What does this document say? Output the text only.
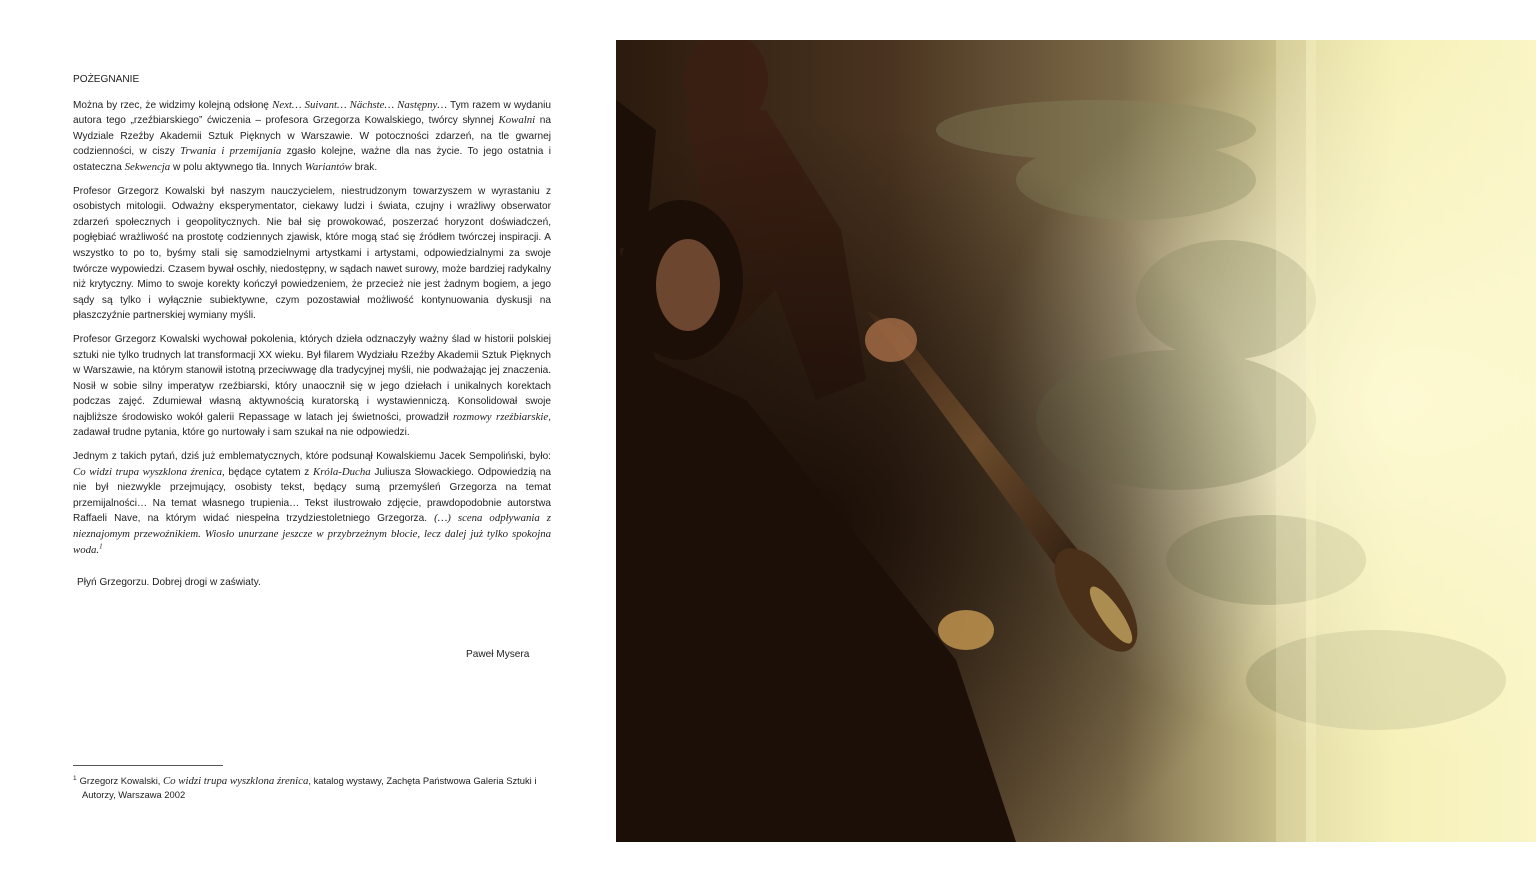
POŻEGNANIE

Można by rzec, że widzimy kolejną odsłonę Next… Suivant… Nächste… Następny… Tym razem w wydaniu autora tego „rzeźbiarskiego” ćwiczenia – profesora Grzegorza Kowalskiego, twórcy słynnej Kowalni na Wydziale Rzeźby Akademii Sztuk Pięknych w Warszawie. W potoczności zdarzeń, na tle gwarnej codzienności, w ciszy Trwania i przemijania zgasło kolejne, ważne dla nas życie. To jego ostatnia i ostateczna Sekwencja w polu aktywnego tła. Innych Wariantów brak.

Profesor Grzegorz Kowalski był naszym nauczycielem, niestrudzonym towarzyszem w wyrastaniu z osobistych mitologii. Odważny eksperymentator, ciekawy ludzi i świata, czujny i wrażliwy obserwator zdarzeń społecznych i geopolitycznych. Nie bał się prowokować, poszerzać horyzont doświadczeń, pogłębiać wrażliwość na prostotę codziennych zjawisk, które mogą stać się źródłem twórczej inspiracji. A wszystko to po to, byśmy stali się samodzielnymi artystkami i artystami, odpowiedzialnymi za swoje twórcze wypowiedzi. Czasem bywał oschły, niedostępny, w sądach nawet surowy, może bardziej radykalny niż krytyczny. Mimo to swoje korekty kończył powiedzeniem, że przecież nie jest żadnym bogiem, a jego sądy są tylko i wyłącznie subiektywne, czym pozostawiał możliwość kontynuowania dyskusji na płaszczyźnie partnerskiej wymiany myśli.

Profesor Grzegorz Kowalski wychował pokolenia, których dzieła odznaczyły ważny ślad w historii polskiej sztuki nie tylko trudnych lat transformacji XX wieku. Był filarem Wydziału Rzeźby Akademii Sztuk Pięknych w Warszawie, na którym stanowił istotną przeciwwagę dla tradycyjnej myśli, nie podważając jej znaczenia. Nosił w sobie silny imperatyw rzeźbiarski, który unaocznił się w jego dziełach i unikalnych korektach podczas zajęć. Zdumiewał własną aktywnością kuratorską i wystawienniczą. Konsolidował swoje najbliższe środowisko wokół galerii Repassage w latach jej świetności, prowadził rozmowy rzeźbiarskie, zadawał trudne pytania, które go nurtowały i sam szukał na nie odpowiedzi.

Jednym z takich pytań, dziś już emblematycznych, które podsunął Kowalskiemu Jacek Sempoliński, było: Co widzi trupa wyszklona źrenica, będące cytatem z Króla-Ducha Juliusza Słowackiego. Odpowiedzią na nie był niezwykle przejmujący, osobisty tekst, będący sumą przemyśleń Grzegorza na temat przemijalności… Na temat własnego trupienia… Tekst ilustrowało zdjęcie, prawdopodobnie autorstwa Raffaeli Nave, na którym widać niespełna trzydziestoletniego Grzegorza. (…) scena odpływania z nieznajomym przewoźnikiem. Wiosło unurzane jeszcze w przybrzeżnym błocie, lecz dalej już tylko spokojna woda.$^1$

Płyń Grzegorzu. Dobrej drogi w zaświaty.
Paweł Mysera
$^1$ Grzegorz Kowalski, Co widzi trupa wyszklona źrenica, katalog wystawy, Zachęta Państwowa Galeria Sztuki i
Autorzy, Warszawa 2002
